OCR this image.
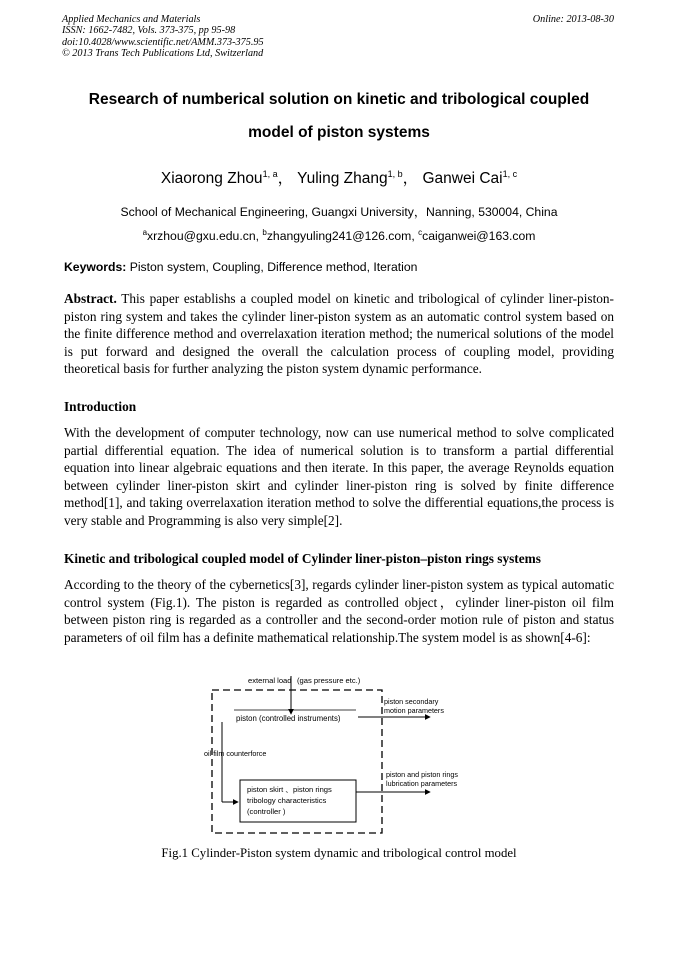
Applied Mechanics and Materials
ISSN: 1662-7482, Vols. 373-375, pp 95-98
doi:10.4028/www.scientific.net/AMM.373-375.95
© 2013 Trans Tech Publications Ltd, Switzerland
Online: 2013-08-30
Research of numberical solution on kinetic and tribological coupled
model of piston systems
Xiaorong Zhou$^{1, a}$， Yuling Zhang$^{1, b}$， Ganwei Cai$^{1, c}$
School of Mechanical Engineering, Guangxi University，Nanning, 530004, China
$^a$xrzhou@gxu.edu.cn, $^b$zhangyuling241@126.com, $^c$caiganwei@163.com
Keywords: Piston system, Coupling, Difference method, Iteration
Abstract. This paper establishs a coupled model on kinetic and tribological of cylinder liner-piston-piston ring system and takes the cylinder liner-piston system as an automatic control system based on the finite difference method and overrelaxation iteration method; the numerical solutions of the model is put forward and designed the overall the calculation process of coupling model, providing theoretical basis for further analyzing the piston system dynamic performance.
Introduction
With the development of computer technology, now can use numerical method to solve complicated partial differential equation. The idea of numerical solution is to transform a partial differential equation into linear algebraic equations and then iterate. In this paper, the average Reynolds equation between cylinder liner-piston skirt and cylinder liner-piston ring is solved by finite difference method[1], and taking overrelaxation iteration method to solve the differential equations,the process is very stable and Programming is also very simple[2].
Kinetic and tribological coupled model of Cylinder liner-piston–piston rings systems
According to the theory of the cybernetics[3], regards cylinder liner-piston system as typical automatic control system (Fig.1). The piston is regarded as controlled object，cylinder liner-piston oil film between piston ring is regarded as a controller and the second-order motion rule of piston and status parameters of oil film has a definite mathematical relationship.The system model is as shown[4-6]:
external load (gas pressure etc.)
piston (controlled instruments)
piston secondary
motion parameters
oil film counterforce
piston skirt 、piston rings
tribology characteristics
(controller )
piston and piston rings
lubrication parameters
Fig.1 Cylinder-Piston system dynamic and tribological control model
